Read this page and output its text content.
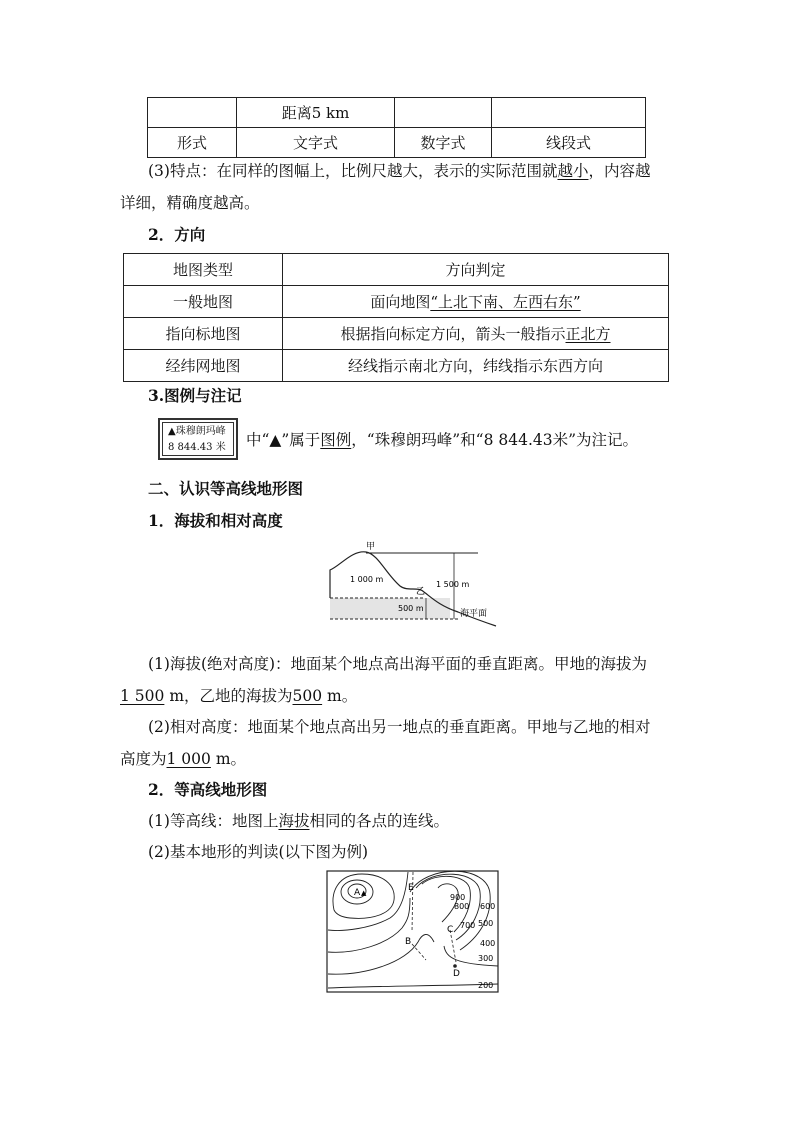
	距离5 km		
形式	文字式	数字式	线段式
(3)特点：在同样的图幅上，比例尺越大，表示的实际范围就越小，内容越
详细，精确度越高。
2．方向
地图类型	方向判定
一般地图	面向地图“上北下南、左西右东”
指向标地图	根据指向标定方向，箭头一般指示正北方
经纬网地图	经线指示南北方向，纬线指示东西方向
3.图例与注记
▲珠穆朗玛峰
8 844.43 米	中“▲”属于图例，“珠穆朗玛峰”和“8 844.43米”为注记。
二、认识等高线地形图
1．海拔和相对高度
甲
乙
1 000 m
1 500 m
500 m
海平面
(1)海拔(绝对高度)：地面某个地点高出海平面的垂直距离。甲地的海拔为
1 500 m，乙地的海拔为500 m。
(2)相对高度：地面某个地点高出另一地点的垂直距离。甲地与乙地的相对
高度为1 000 m。
2．等高线地形图
(1)等高线：地图上海拔相同的各点的连线。
(2)基本地形的判读(以下图为例)
A ▲
B
C
D
E
900
800
700
600
500
400
300
200
